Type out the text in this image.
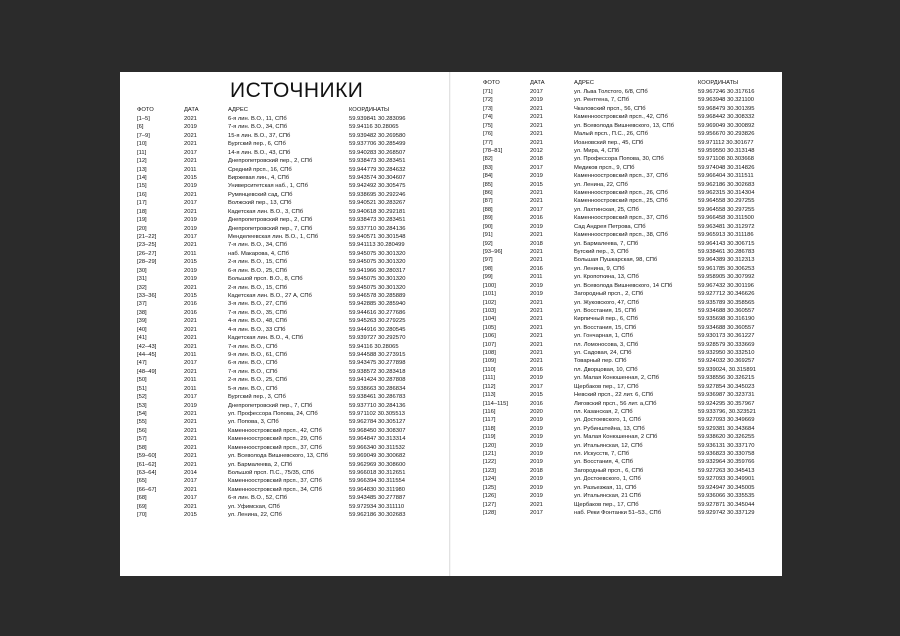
ИСТОЧНИКИ
ФОТО	ДАТА	АДРЕС	КООРДИНАТЫ
ФОТО	ДАТА	АДРЕС	КООРДИНАТЫ
[1–5]	2021	6-я лин. В.О., 11, СПб	59.939841 30.283096
[6]	2019	7-я лин. В.О., 34, СПб	59.94116 30.28065
[7–9]	2021	15-я лин. В.О., 37, СПб	59.939482 30.269580
[10]	2021	Бургский пер., 6, СПб	59.937706 30.285499
[11]	2017	14-я лин. В.О., 43, СПб	59.940283 30.268507
[12]	2021	Днепропетровский пер., 2, СПб	59.938473 30.283451
[13]	2011	Средний прсп., 16, СПб	59.944779 30.284632
[14]	2015	Биржевая лин., 4, СПб	59.943574 30.304607
[15]	2019	Университетская наб., 1, СПб	59.942492 30.305475
[16]	2021	Румянцевский сад, СПб	59.938695 30.292246
[17]	2017	Волжский пер., 13, СПб	59.940521 30.283267
[18]	2021	Кадетская лин. В.О., 3, СПб	59.940618 30.292181
[19]	2019	Днепропетровский пер., 2, СПб	59.938473 30.283451
[20]	2019	Днепропетровский пер., 7, СПб	59.937710 30.284136
[21–22]	2017	Менделеевская лин. В.О., 1, СПб	59.940571 30.301548
[23–25]	2021	7-я лин. В.О., 34, СПб	59.941113 30.280499
[26–27]	2011	наб. Макарова, 4, СПб	59.945075 30.301320
[28–29]	2015	2-я лин. В.О., 15, СПб	59.945075 30.301320
[30]	2019	6-я лин. В.О., 25, СПб	59.941966 30.280317
[31]	2019	Большой прсп. В.О., 8, СПб	59.945075 30.301320
[32]	2021	2-я лин. В.О., 15, СПб	59.945075 30.301320
[33–36]	2015	Кадетская лин. В.О., 27 А, СПб	59.946578 30.285889
[37]	2016	3-я лин. В.О., 27, СПб	59.942885 30.285940
[38]	2016	7-я лин. В.О., 35, СПб	59.944616 30.277686
[39]	2021	4-я лин. В.О., 48, СПб	59.945263 30.279225
[40]	2021	4-я лин. В.О., 33 СПб	59.944916 30.280545
[41]	2021	Кадетская лин. В.О., 4, СПб	59.939727 30.292570
[42–43]	2021	7-я лин. В.О., СПб	59.94116 30.28065
[44–45]	2011	9-я лин. В.О., 61, СПб	59.944588 30.273915
[47]	2017	6-я лин. В.О., СПб	59.943475 30.277898
[48–49]	2021	7-я лин. В.О., СПб	59.938572 30.283418
[50]	2011	2-я лин. В.О., 25, СПб	59.941424 30.287808
[51]	2011	5-я лин. В.О., СПб	59.938663 30.286834
[52]	2017	Бургский пер., 3, СПб	59.938461 30.286783
[53]	2019	Днепропетровский пер., 7, СПб	59.937710 30.284136
[54]	2021	ул. Профессора Попова, 24, СПб	59.971102 30.305513
[55]	2021	ул. Попова, 3, СПб	59.962784 30.305127
[56]	2021	Каменноостровский прсп., 42, СПб	59.968450 30.308307
[57]	2021	Каменноостровский прсп., 29, СПб	59.964847 30.313314
[58]	2021	Каменноостровский прсп., 37, СПб	59.966340 30.311532
[59–60]	2021	ул. Всеволода Вишневского, 13, СПб	59.969049 30.300682
[61–62]	2021	ул. Бармалеева, 2, СПб	59.962969 30.308600
[63–64]	2014	Большой прсп. П.С., 75/35, СПб	59.966018 30.312651
[65]	2017	Каменноостровский прсп., 37, СПб	59.966394 30.311554
[66–67]	2021	Каменноостровский прсп., 34, СПб	59.964830 30.311980
[68]	2017	6-я лин. В.О., 52, СПб	59.943485 30.277887
[69]	2021	ул. Уфимская, СПб	59.972934 30.311110
[70]	2015	ул. Ленина, 22, СПб	59.962186 30.302683
[71]	2017	ул. Льва Толстого, 6/8, СПб	59.967246 30.317616
[72]	2019	ул. Рентгена, 7, СПб	59.963948 30.321100
[73]	2021	Чкаловский прсп., 56, СПб	59.968479 30.301395
[74]	2021	Каменноостровский прсп., 42, СПб	59.968442 30.308332
[75]	2021	ул. Всеволода Вишневского, 13, СПб	59.969049 30.300892
[76]	2021	Малый прсп., П.С., 26, СПб	59.956670 30.293826
[77]	2021	Иоановский пер., 45, СПб	59.971112 30.301677
[78–81]	2012	ул. Мира, 4, СПб	59.959550 30.313148
[82]	2018	ул. Профессора Попова, 30, СПб	59.971108 30.303668
[83]	2017	Медиков прсп., 9, СПб	59.974048 30.314826
[84]	2019	Каменноостровский прсп., 37, СПб	59.966404 30.311511
[85]	2015	ул. Ленина, 22, СПб	59.962186 30.302683
[86]	2021	Каменноостровский прсп., 26, СПб	59.962315 30.314304
[87]	2021	Каменноостровский прсп., 25, СПб	59.964558 30.297255
[88]	2017	ул. Лахтинская, 25, СПб	59.964558 30.297255
[89]	2016	Каменноостровский прсп., 37, СПб	59.966458 30.311500
[90]	2019	Сад Андрея Петрова, СПб	59.963481 30.312972
[91]	2021	Каменноостровский прсп., 38, СПб	59.965913 30.311186
[92]	2018	ул. Бармалеева, 7, СПб	59.964143 30.306715
[93–96]	2021	Бугский пер., 3, СПб	59.938461 30.286783
[97]	2021	Большая Пушкарская, 98, СПб	59.964389 30.312313
[98]	2016	ул. Ленина, 9, СПб	59.961785 30.306253
[99]	2011	ул. Кропоткина, 13, СПб	59.958905 30.307992
[100]	2019	ул. Всеволода Вишневского, 14 СПб	59.967432 30.301196
[101]	2019	Загородный прсп., 2, СПб	59.927712 30.346626
[102]	2021	ул. Жуковского, 47, СПб	59.935789 30.358565
[103]	2021	ул. Восстания, 15, СПб	59.934688 30.360557
[104]	2021	Кирпичный пер., 6, СПб	59.935698 30.316190
[105]	2021	ул. Восстания, 15, СПб	59.934688 30.360557
[106]	2021	ул. Гончарная, 1, СПб	59.930173 30.361227
[107]	2021	пл. Ломоносова, 3, СПб	59.928579 30.333669
[108]	2021	ул. Садовая, 24, СПб	59.932950 30.332510
[109]	2021	Товарный пер. СПб	59.924032 30.369257
[110]	2016	пл. Дворцовая, 10, СПб	59.939024, 30.315891
[111]	2019	ул. Малая Конюшенная, 2, СПб	59.938556 30.326215
[112]	2017	Щербаков пер., 17, СПб	59.927854 30.345023
[113]	2015	Невский прсп., 22 лит. 6, СПб	59.936987 30.323731
[114–115]	2016	Лиговский прсп., 56 лит. а,СПб	59.924295 30.357967
[116]	2020	пл. Казанская, 2, СПб	59.933796, 30.323521
[117]	2019	ул. Достоевского, 1, СПб	59.927093 30.349669
[118]	2019	ул. Рубинштейна, 13, СПб	59.929381 30.343684
[119]	2019	ул. Малая Конюшенная, 2 СПб	59.938620 30.326255
[120]	2019	ул. Итальянская, 12, СПб	59.936131 30.337170
[121]	2019	пл. Искусств, 7, СПб	59.936823 30.330758
[122]	2019	ул. Восстания, 4, СПб	59.932964 30.359766
[123]	2018	Загородный прсп., 6, СПб	59.927263 30.345413
[124]	2019	ул. Достоевского, 1, СПб	59.927093 30.349901
[125]	2019	ул. Разъезжая, 11, СПб	59.924947 30.345005
[126]	2019	ул. Итальянская, 21 СПб	59.936066 30.335535
[127]	2021	Щербаков пер., 17, СПб	59.927871 30.345044
[128]	2017	наб. Реки Фонтанки 51–53., СПб	59.929742 30.337129
